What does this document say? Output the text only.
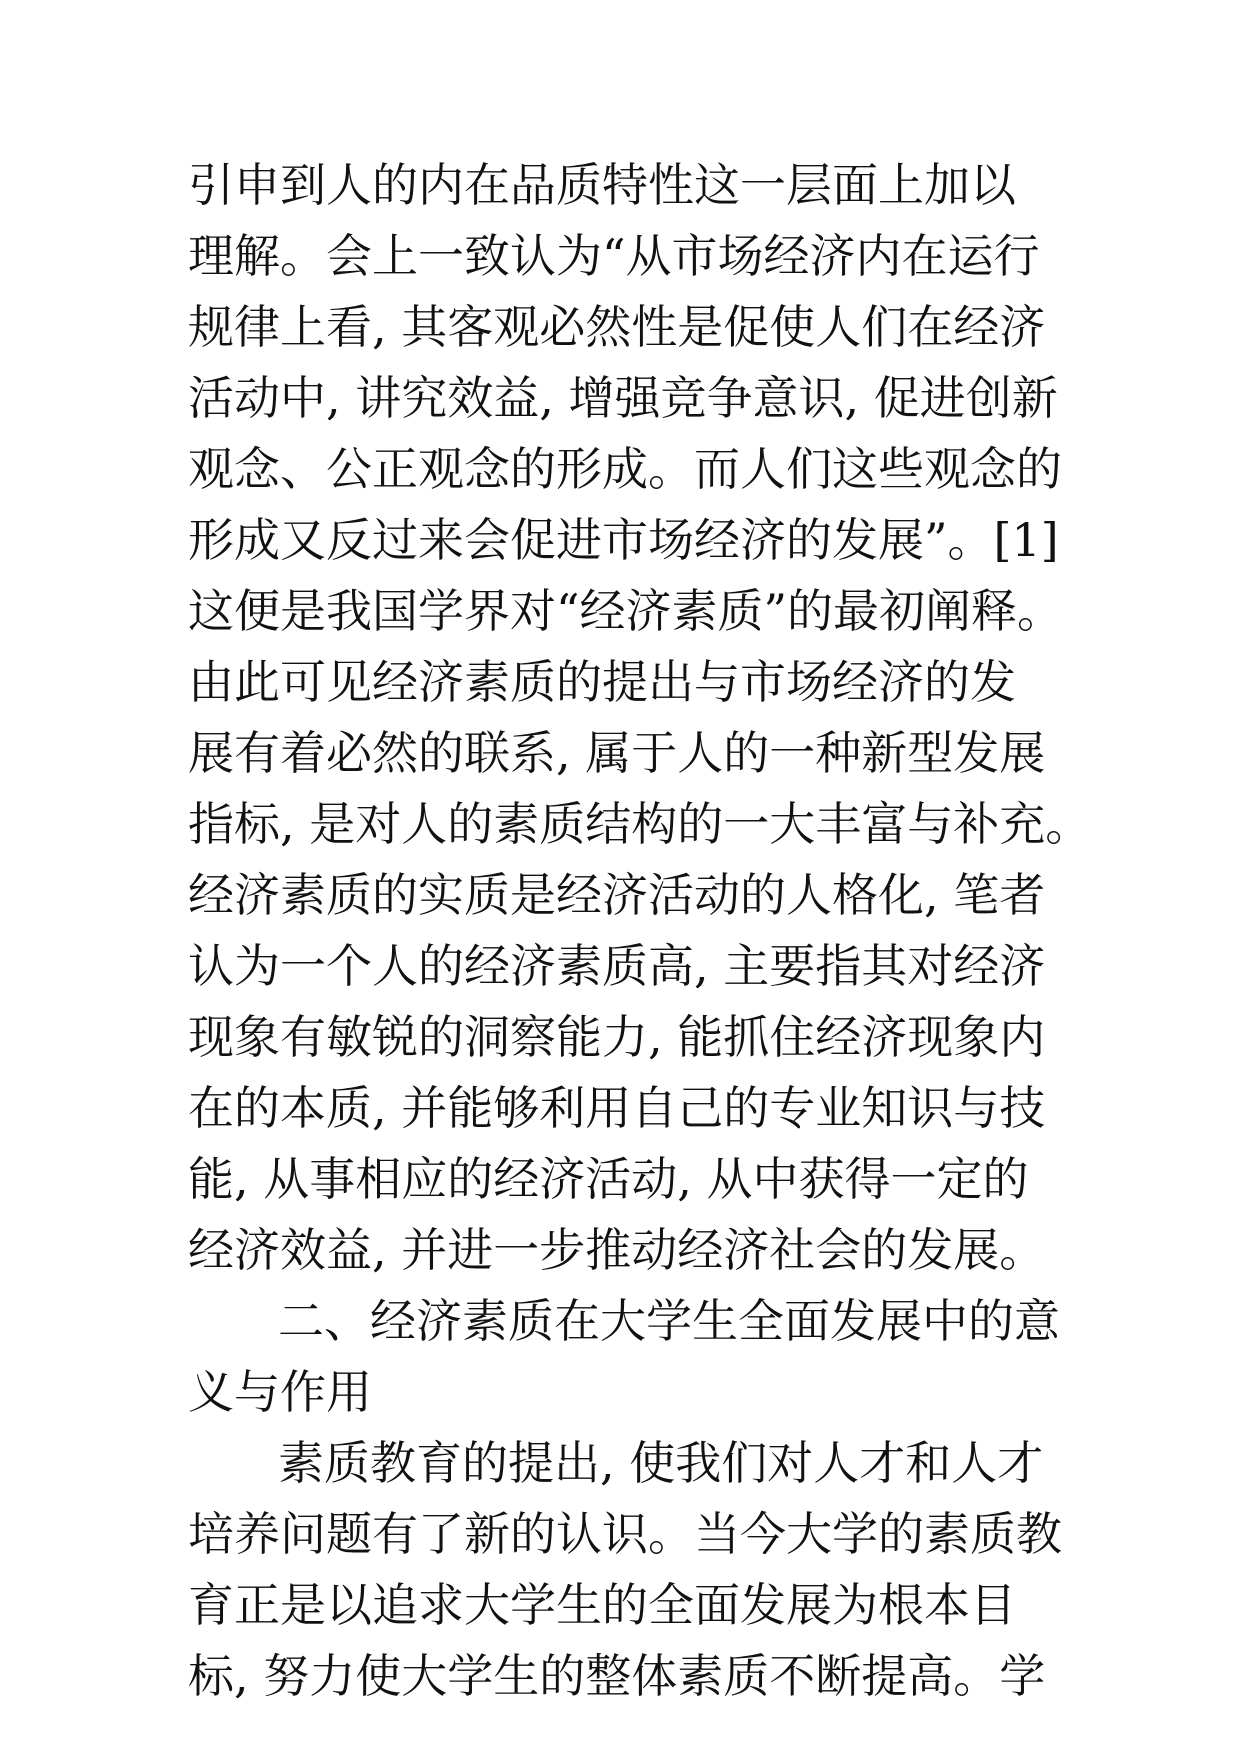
引申到人的内在品质特性这一层面上加以
理解。会上一致认为“从市场经济内在运行
规律上看, 其客观必然性是促使人们在经济
活动中, 讲究效益, 增强竞争意识, 促进创新
观念、公正观念的形成。而人们这些观念的
形成又反过来会促进市场经济的发展”。[1]
这便是我国学界对“经济素质”的最初阐释。
由此可见经济素质的提出与市场经济的发
展有着必然的联系, 属于人的一种新型发展
指标, 是对人的素质结构的一大丰富与补充。
经济素质的实质是经济活动的人格化, 笔者
认为一个人的经济素质高, 主要指其对经济
现象有敏锐的洞察能力, 能抓住经济现象内
在的本质, 并能够利用自己的专业知识与技
能, 从事相应的经济活动, 从中获得一定的
经济效益, 并进一步推动经济社会的发展。
二、经济素质在大学生全面发展中的意
义与作用
素质教育的提出, 使我们对人才和人才
培养问题有了新的认识。当今大学的素质教
育正是以追求大学生的全面发展为根本目
标, 努力使大学生的整体素质不断提高。学
